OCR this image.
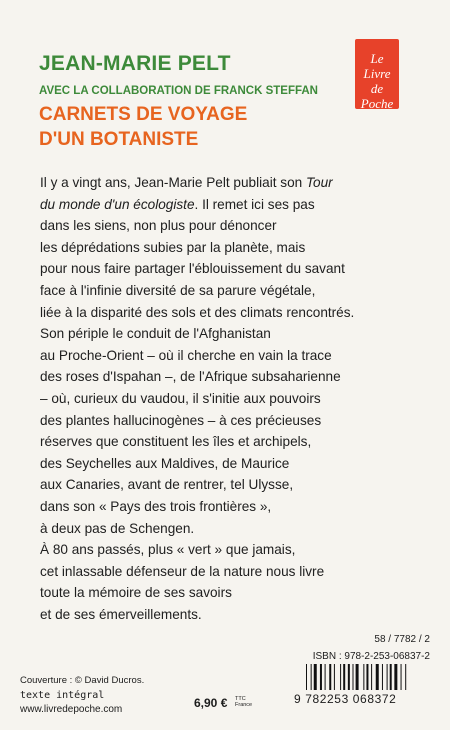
JEAN-MARIE PELT
AVEC LA COLLABORATION DE FRANCK STEFFAN
CARNETS DE VOYAGE
D'UN BOTANISTE
Le
Livre
de
Poche

Il y a vingt ans, Jean-Marie Pelt publiait son Tour

du monde d'un écologiste. Il remet ici ses pas

dans les siens, non plus pour dénoncer

les déprédations subies par la planète, mais

pour nous faire partager l'éblouissement du savant

face à l'infinie diversité de sa parure végétale,

liée à la disparité des sols et des climats rencontrés.

Son périple le conduit de l'Afghanistan

au Proche-Orient – où il cherche en vain la trace

des roses d'Ispahan –, de l'Afrique subsaharienne

– où, curieux du vaudou, il s'initie aux pouvoirs

des plantes hallucinogènes – à ces précieuses

réserves que constituent les îles et archipels,

des Seychelles aux Maldives, de Maurice

aux Canaries, avant de rentrer, tel Ulysse,

dans son « Pays des trois frontières »,

à deux pas de Schengen.

À 80 ans passés, plus « vert » que jamais,

cet inlassable défenseur de la nature nous livre

toute la mémoire de ses savoirs

et de ses émerveillements.

58 / 7782 / 2
ISBN : 978-2-253-06837-2
9 782253 068372
Couverture : © David Ducros.
texte intégral
www.livredepoche.com	6,90 € TTC
France
